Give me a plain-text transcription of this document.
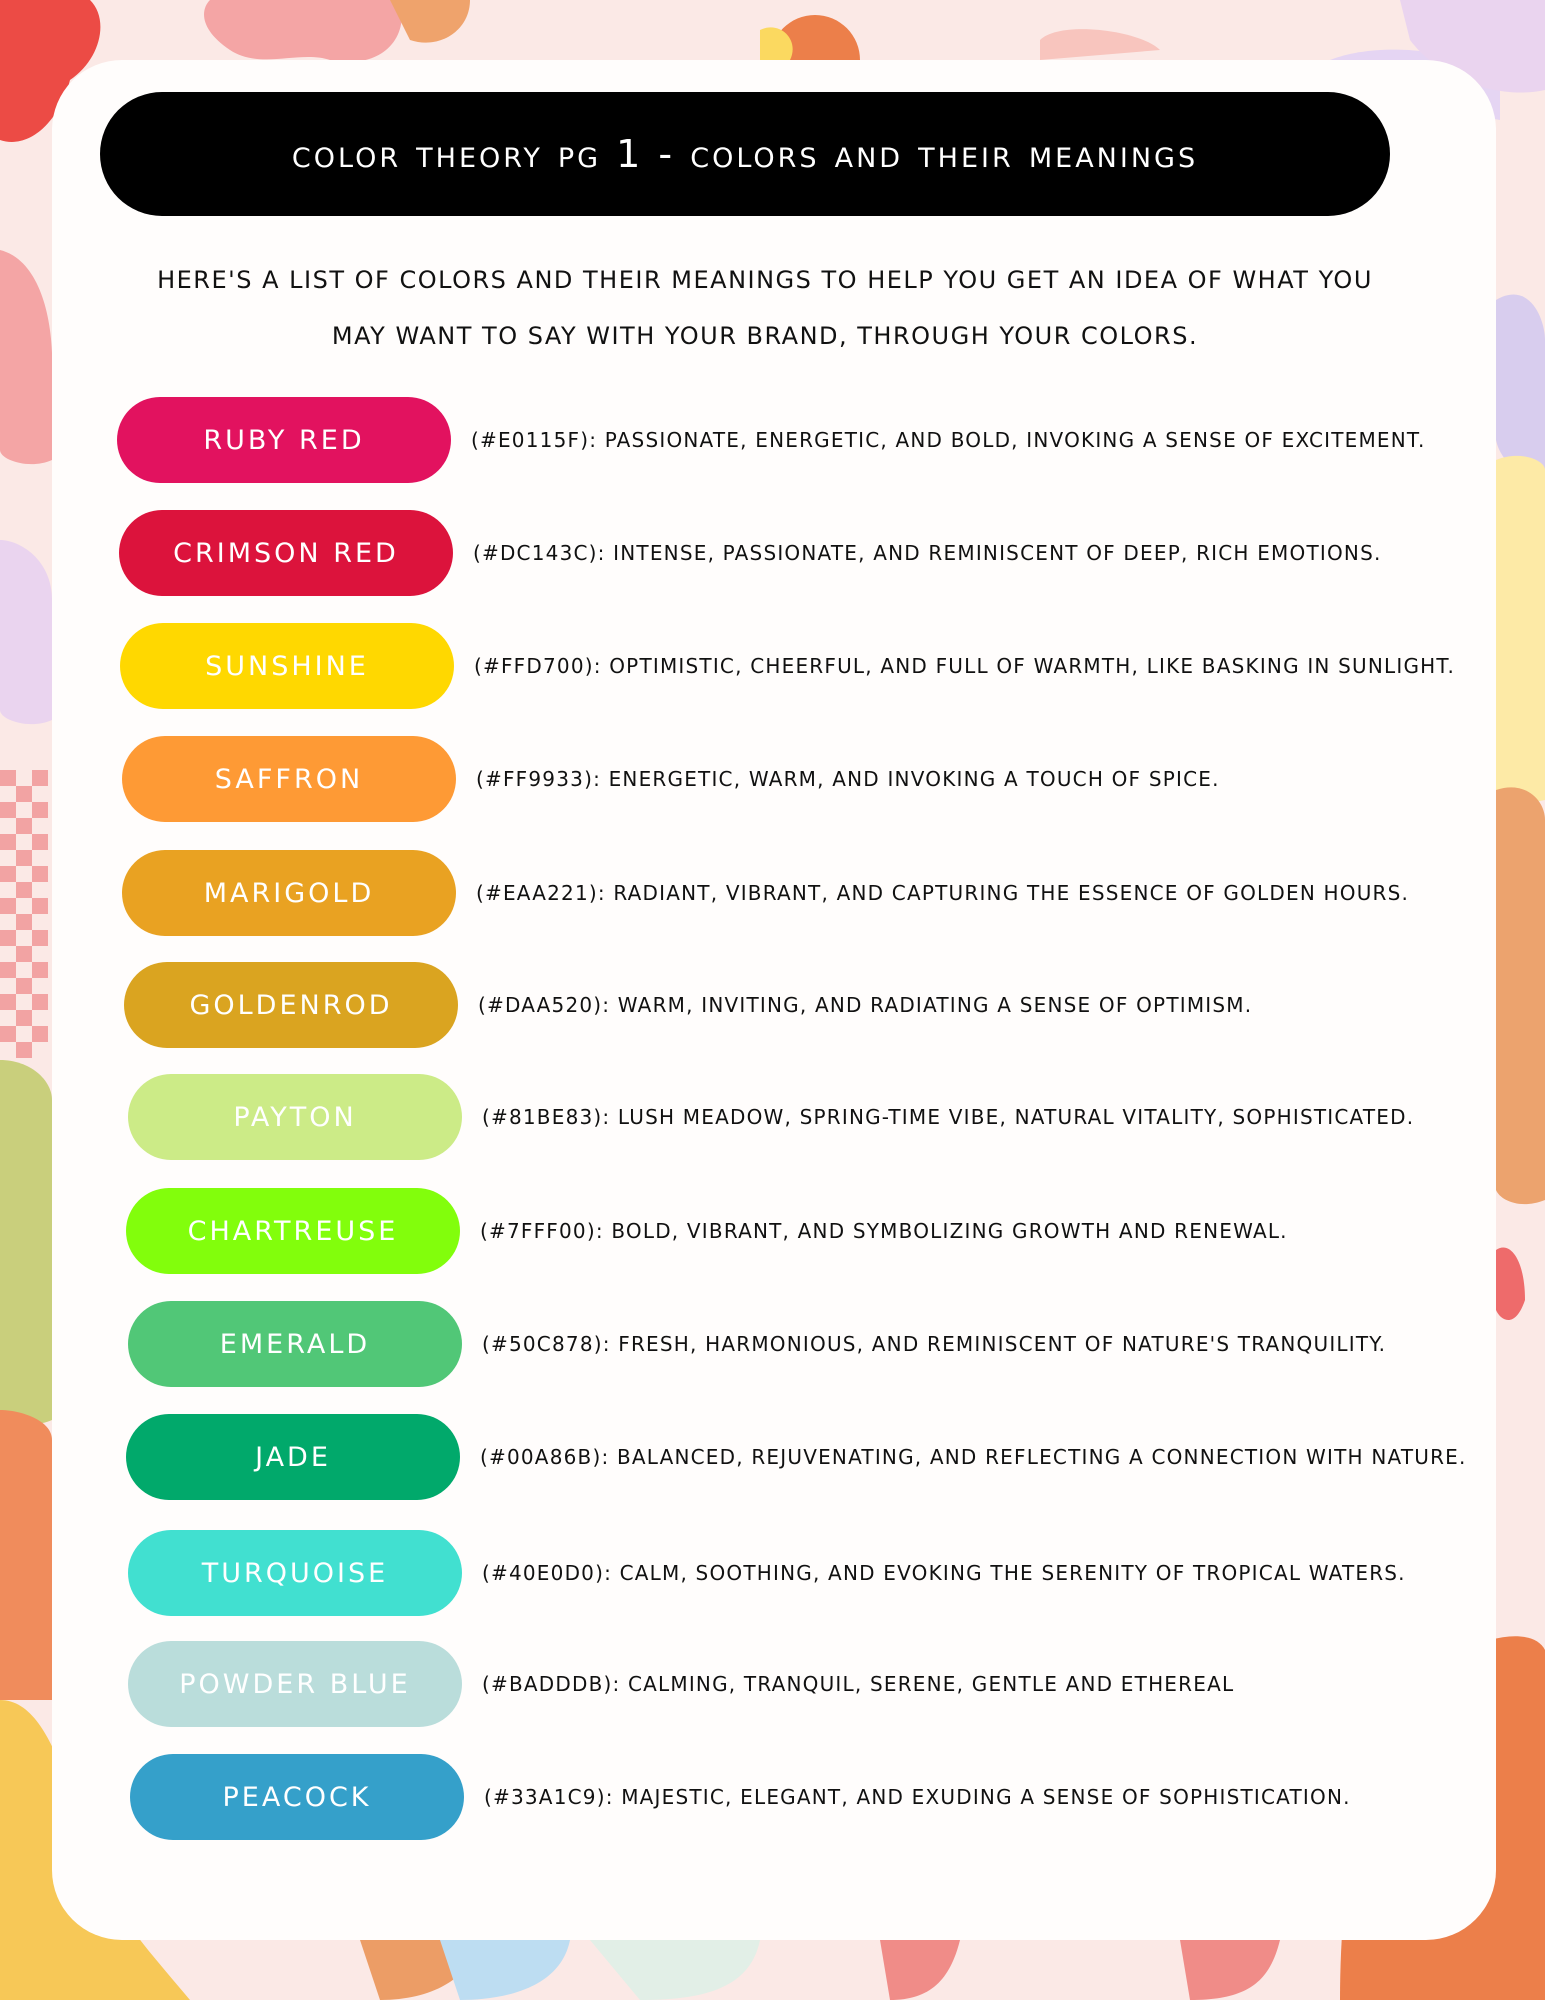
color theory pg 1 - colors and their meanings
HERE'S A LIST OF COLORS AND THEIR MEANINGS TO HELP YOU GET AN IDEA OF WHAT YOU
MAY WANT TO SAY WITH YOUR BRAND, THROUGH YOUR COLORS.
RUBY RED	(#E0115F): PASSIONATE, ENERGETIC, AND BOLD, INVOKING A SENSE OF EXCITEMENT.
CRIMSON RED	(#DC143C): INTENSE, PASSIONATE, AND REMINISCENT OF DEEP, RICH EMOTIONS.
SUNSHINE	(#FFD700): OPTIMISTIC, CHEERFUL, AND FULL OF WARMTH, LIKE BASKING IN SUNLIGHT.
SAFFRON	(#FF9933): ENERGETIC, WARM, AND INVOKING A TOUCH OF SPICE.
MARIGOLD	(#EAA221): RADIANT, VIBRANT, AND CAPTURING THE ESSENCE OF GOLDEN HOURS.
GOLDENROD	(#DAA520): WARM, INVITING, AND RADIATING A SENSE OF OPTIMISM.
PAYTON	(#81BE83): LUSH MEADOW, SPRING-TIME VIBE, NATURAL VITALITY, SOPHISTICATED.
CHARTREUSE	(#7FFF00): BOLD, VIBRANT, AND SYMBOLIZING GROWTH AND RENEWAL.
EMERALD	(#50C878): FRESH, HARMONIOUS, AND REMINISCENT OF NATURE'S TRANQUILITY.
JADE	(#00A86B): BALANCED, REJUVENATING, AND REFLECTING A CONNECTION WITH NATURE.
TURQUOISE	(#40E0D0): CALM, SOOTHING, AND EVOKING THE SERENITY OF TROPICAL WATERS.
POWDER BLUE	(#BADDDB): CALMING, TRANQUIL, SERENE, GENTLE AND ETHEREAL
PEACOCK	(#33A1C9): MAJESTIC, ELEGANT, AND EXUDING A SENSE OF SOPHISTICATION.
